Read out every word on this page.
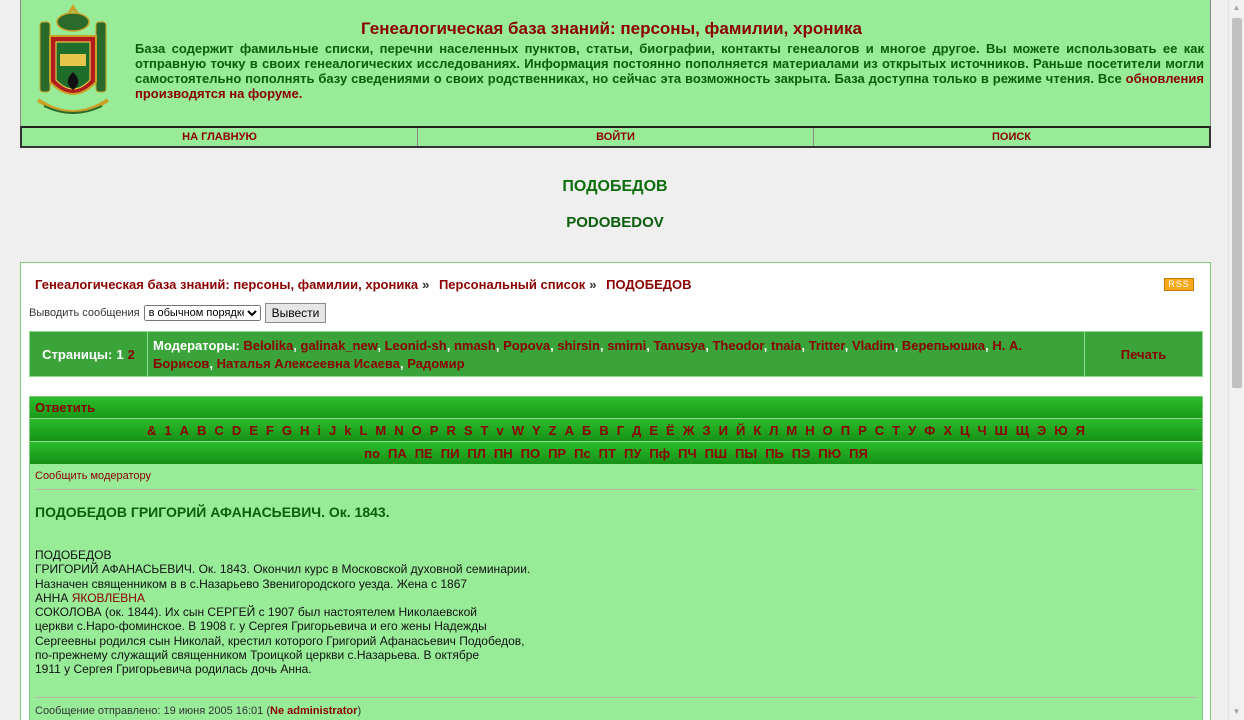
Генеалогическая база знаний: персоны, фамилии, хроника
База содержит фамильные списки, перечни населенных пунктов, статьи, биографии, контакты генеалогов и многое другое. Вы можете использовать ее как отправную точку в своих генеалогических исследованиях. Информация постоянно пополняется материалами из открытых источников. Раньше посетители могли самостоятельно пополнять базу сведениями о своих родственниках, но сейчас эта возможность закрыта. База доступна только в режиме чтения. Все обновления производятся на форуме.
НА ГЛАВНУЮ	ВОЙТИ	ПОИСК
ПОДОБЕДОВ
PODOBEDOV
Генеалогическая база знаний: персоны, фамилии, хроника » Персональный список » ПОДОБЕДОВ	RSS
Выводить сообщения
в обычном порядке	Вывести
Страницы: 1 2
Модераторы: Belolika, galinak_new, Leonid-sh, nmash, Popova, shirsin, smirni, Tanusya, Theodor, tnaia, Tritter, Vladim, Верепьюшка, Н. А. Борисов, Наталья Алексеевна Исаева, Радомир
Печать
Ответить
& 1 A B C D E F G H i J k L M N O P R S T v W Y Z А Б В Г Д Е Ё Ж З И Й К Л М Н О П Р С Т У Ф Х Ц Ч Ш Щ Э Ю Я
по ПА ПЕ ПИ ПЛ ПН ПО ПР Пс ПТ ПУ Пф ПЧ ПШ ПЫ ПЬ ПЭ ПЮ ПЯ
Сообщить модератору
ПОДОБЕДОВ ГРИГОРИЙ АФАНАСЬЕВИЧ. Ок. 1843.
ПОДОБЕДОВ
ГРИГОРИЙ АФАНАСЬЕВИЧ. Ок. 1843. Окончил курс в Московской духовной семинарии.
Назначен священником в в с.Назарьево Звенигородского уезда. Жена с 1867
АННА ЯКОВЛЕВНА
СОКОЛОВА (ок. 1844). Их сын СЕРГЕЙ с 1907 был настоятелем Николаевской
церкви с.Наро-фоминское. В 1908 г. у Сергея Григорьевича и его жены Надежды
Сергеевны родился сын Николай, крестил которого Григорий Афанасьевич Подобедов,
по-прежнему служащий священником Троицкой церкви с.Назарьева. В октябре
1911 у Сергея Григорьевича родилась дочь Анна.
Сообщение отправлено: 19 июня 2005 16:01 (Ne administrator)
▲
▼
